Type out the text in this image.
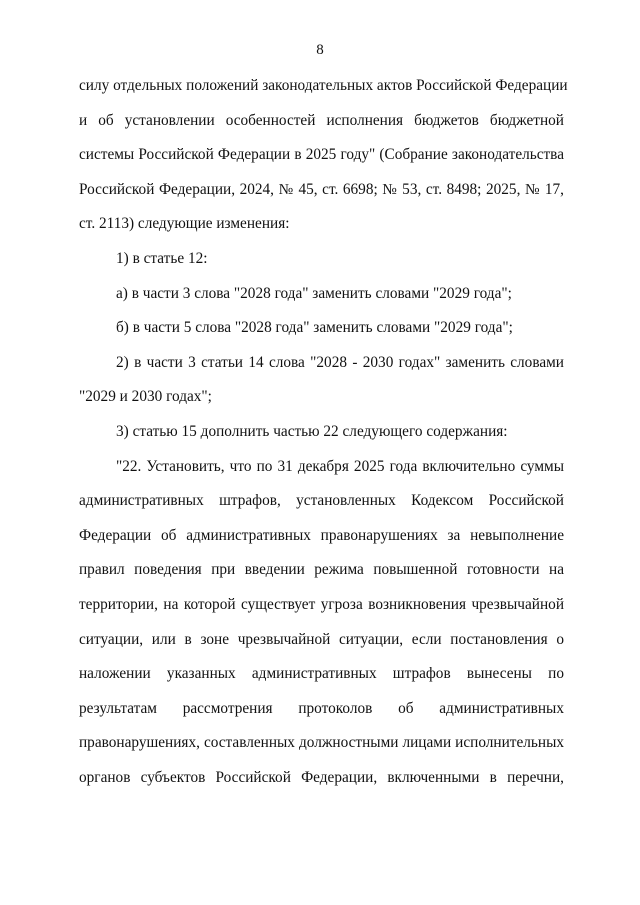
8
силу отдельных положений законодательных актов Российской Федерации
и об установлении особенностей исполнения бюджетов бюджетной
системы Российской Федерации в 2025 году" (Собрание законодательства
Российской Федерации, 2024, № 45, ст. 6698; № 53, ст. 8498; 2025, № 17,
ст. 2113) следующие изменения:
1) в статье 12:
а) в части 3 слова "2028 года" заменить словами "2029 года";
б) в части 5 слова "2028 года" заменить словами "2029 года";
2) в части 3 статьи 14 слова "2028 - 2030 годах" заменить словами
"2029 и 2030 годах";
3) статью 15 дополнить частью 22 следующего содержания:
"22. Установить, что по 31 декабря 2025 года включительно суммы
административных штрафов, установленных Кодексом Российской
Федерации об административных правонарушениях за невыполнение
правил поведения при введении режима повышенной готовности на
территории, на которой существует угроза возникновения чрезвычайной
ситуации, или в зоне чрезвычайной ситуации, если постановления о
наложении указанных административных штрафов вынесены по
результатам рассмотрения протоколов об административных
правонарушениях, составленных должностными лицами исполнительных
органов субъектов Российской Федерации, включенными в перечни,
